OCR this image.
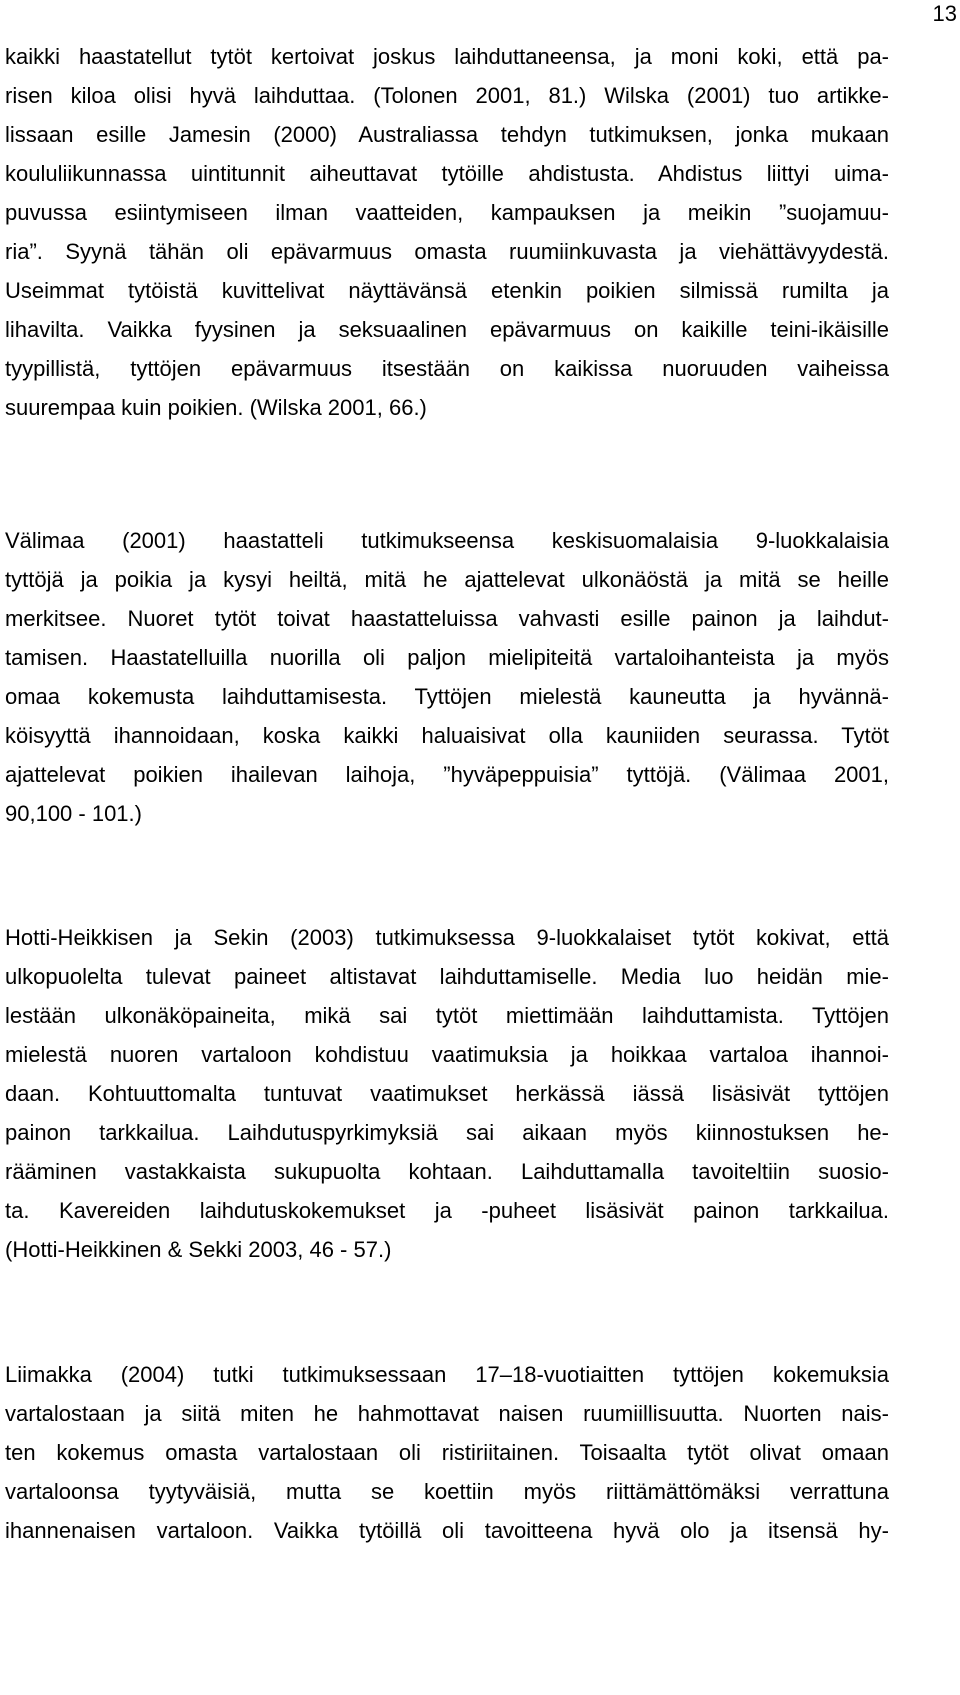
13
kaikki haastatellut tytöt kertoivat joskus laihduttaneensa, ja moni koki, että pa-
risen kiloa olisi hyvä laihduttaa. (Tolonen 2001, 81.) Wilska (2001) tuo artikke-
lissaan esille Jamesin (2000) Australiassa tehdyn tutkimuksen, jonka mukaan
koululiikunnassa uintitunnit aiheuttavat tytöille ahdistusta. Ahdistus liittyi uima-
puvussa esiintymiseen ilman vaatteiden, kampauksen ja meikin ”suojamuu-
ria”. Syynä tähän oli epävarmuus omasta ruumiinkuvasta ja viehättävyydestä.
Useimmat tytöistä kuvittelivat näyttävänsä etenkin poikien silmissä rumilta ja
lihavilta. Vaikka fyysinen ja seksuaalinen epävarmuus on kaikille teini-ikäisille
tyypillistä, tyttöjen epävarmuus itsestään on kaikissa nuoruuden vaiheissa
suurempaa kuin poikien. (Wilska 2001, 66.)
Välimaa (2001) haastatteli tutkimukseensa keskisuomalaisia 9-luokkalaisia
tyttöjä ja poikia ja kysyi heiltä, mitä he ajattelevat ulkonäöstä ja mitä se heille
merkitsee. Nuoret tytöt toivat haastatteluissa vahvasti esille painon ja laihdut-
tamisen. Haastatelluilla nuorilla oli paljon mielipiteitä vartaloihanteista ja myös
omaa kokemusta laihduttamisesta. Tyttöjen mielestä kauneutta ja hyvännä-
köisyyttä ihannoidaan, koska kaikki haluaisivat olla kauniiden seurassa. Tytöt
ajattelevat poikien ihailevan laihoja, ”hyväpeppuisia” tyttöjä. (Välimaa 2001,
90,100 - 101.)
Hotti-Heikkisen ja Sekin (2003) tutkimuksessa 9-luokkalaiset tytöt kokivat, että
ulkopuolelta tulevat paineet altistavat laihduttamiselle. Media luo heidän mie-
lestään ulkonäköpaineita, mikä sai tytöt miettimään laihduttamista. Tyttöjen
mielestä nuoren vartaloon kohdistuu vaatimuksia ja hoikkaa vartaloa ihannoi-
daan. Kohtuuttomalta tuntuvat vaatimukset herkässä iässä lisäsivät tyttöjen
painon tarkkailua. Laihdutuspyrkimyksiä sai aikaan myös kiinnostuksen he-
rääminen vastakkaista sukupuolta kohtaan. Laihduttamalla tavoiteltiin suosio-
ta. Kavereiden laihdutuskokemukset ja -puheet lisäsivät painon tarkkailua.
(Hotti-Heikkinen & Sekki 2003, 46 - 57.)
Liimakka (2004) tutki tutkimuksessaan 17–18-vuotiaitten tyttöjen kokemuksia
vartalostaan ja siitä miten he hahmottavat naisen ruumiillisuutta. Nuorten nais-
ten kokemus omasta vartalostaan oli ristiriitainen. Toisaalta tytöt olivat omaan
vartaloonsa tyytyväisiä, mutta se koettiin myös riittämättömäksi verrattuna
ihannenaisen vartaloon. Vaikka tytöillä oli tavoitteena hyvä olo ja itsensä hy-
